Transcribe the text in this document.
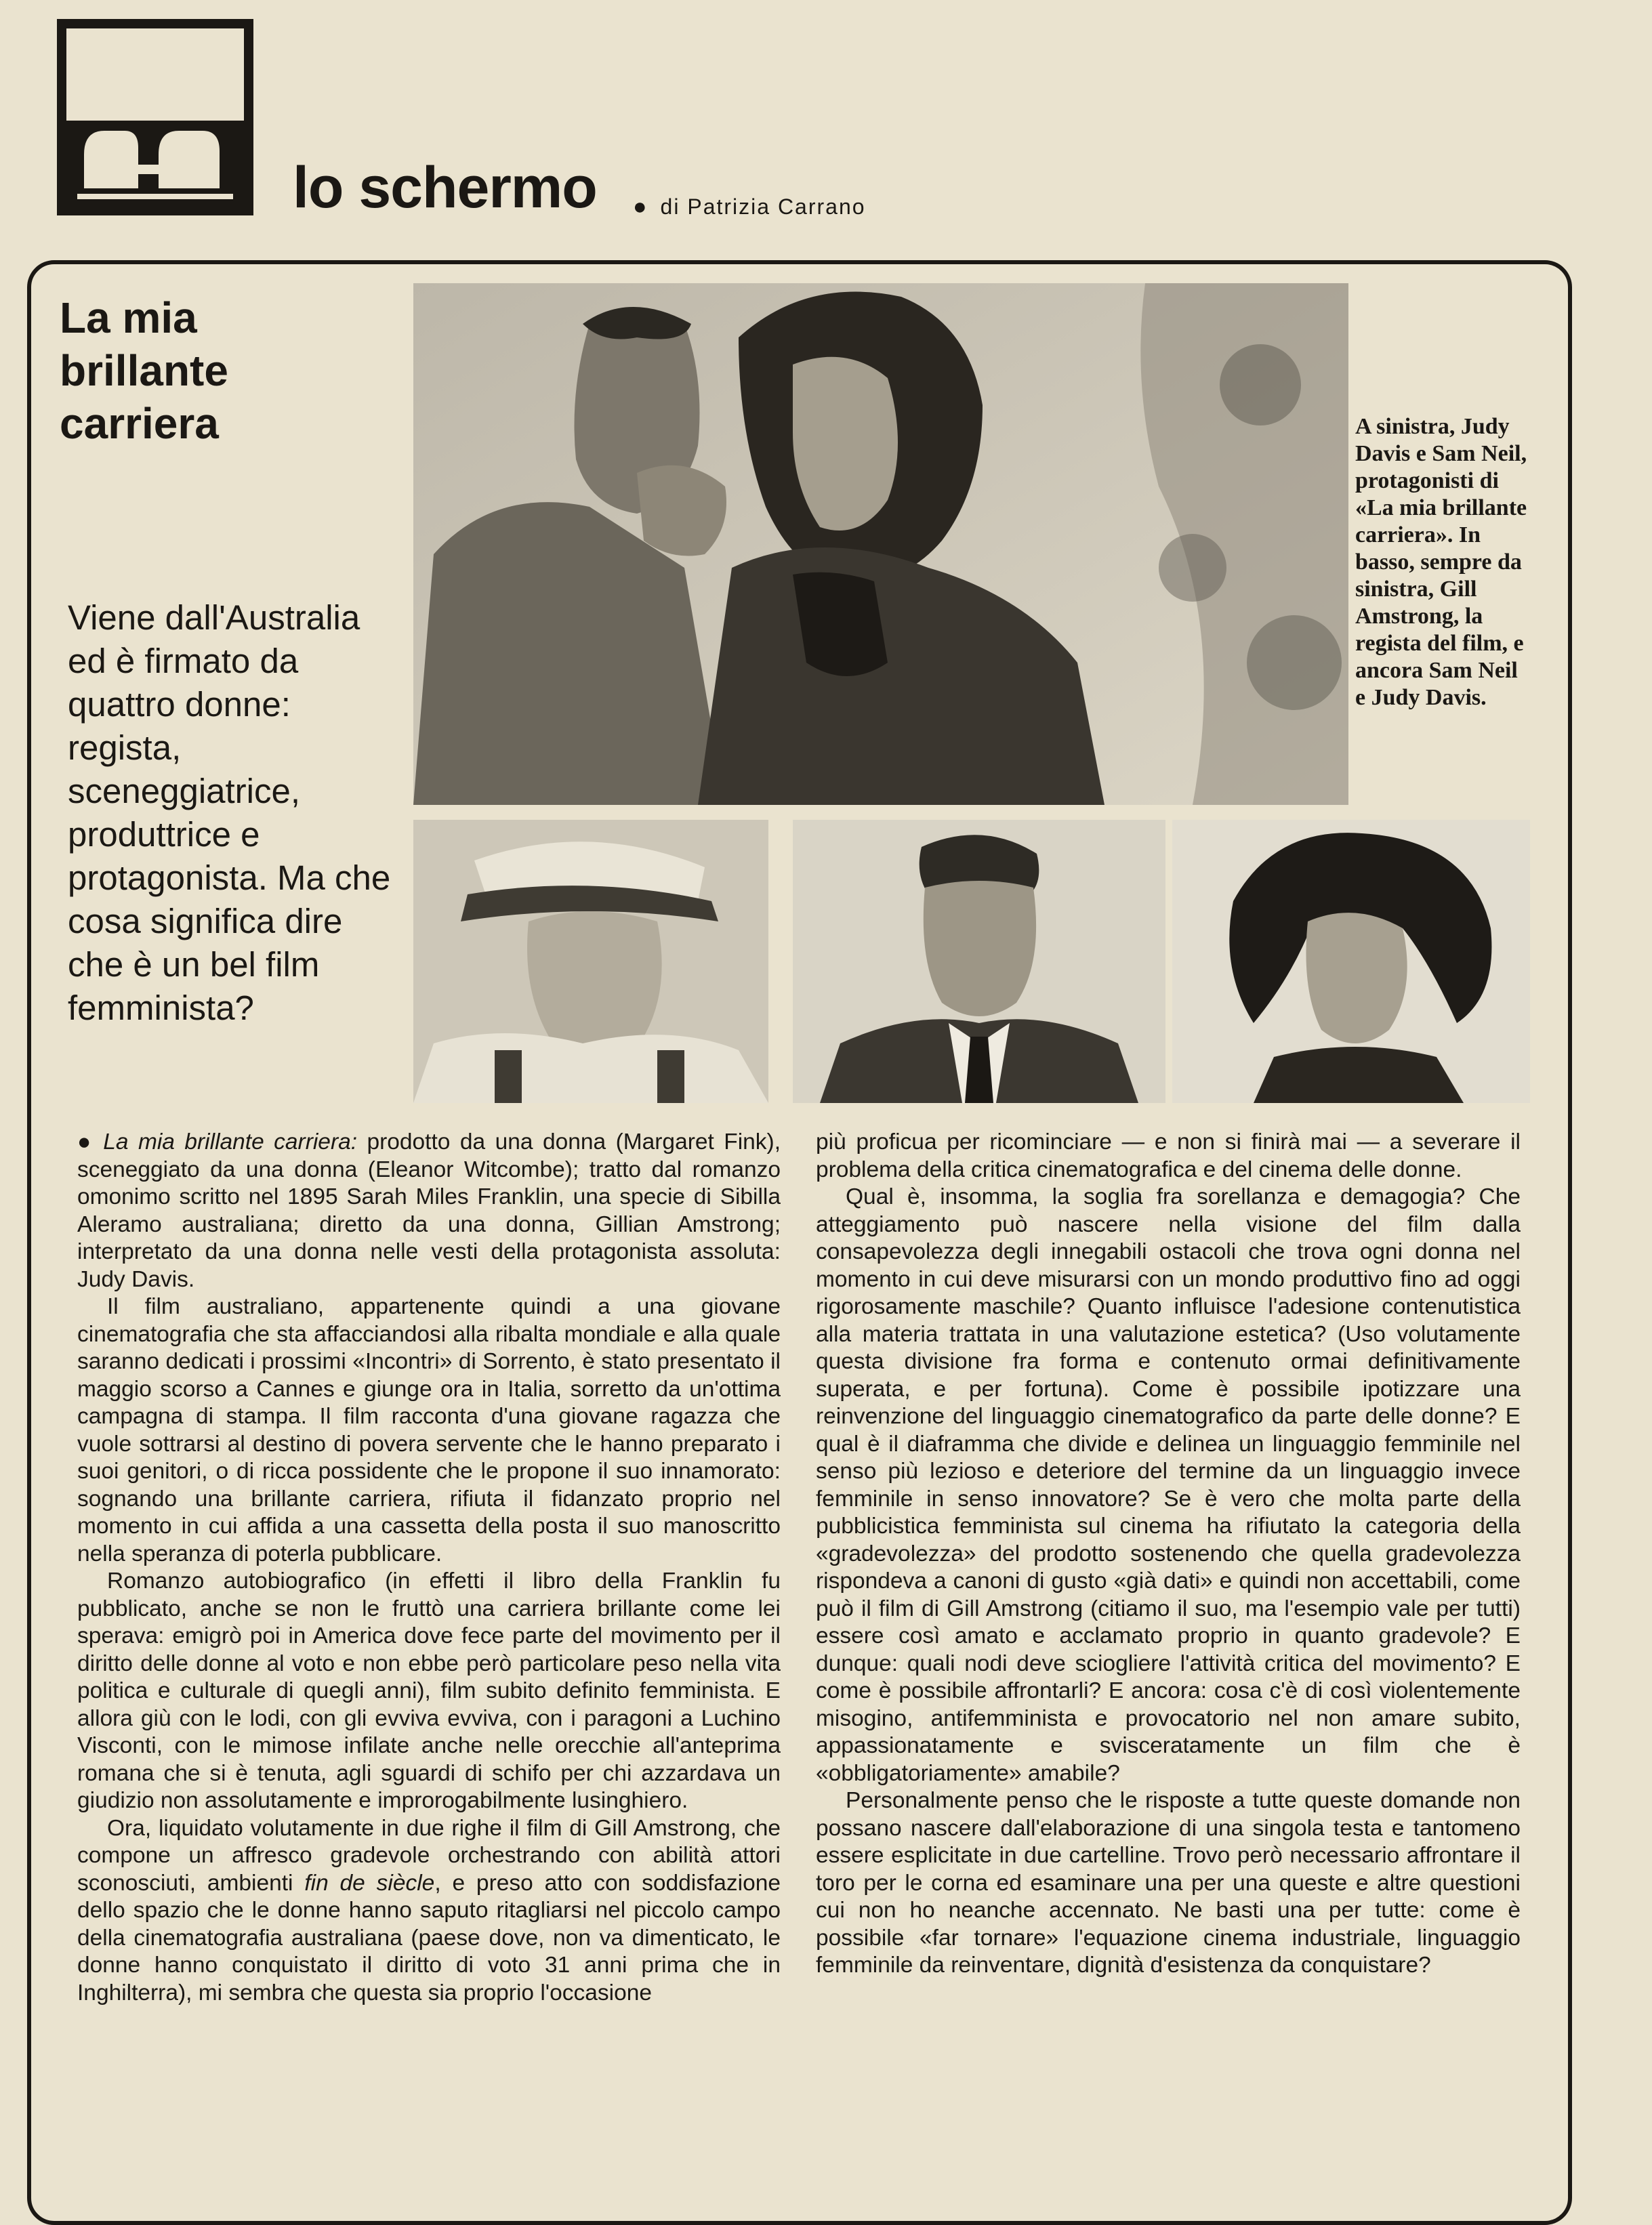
lo schermo ● di Patrizia Carrano
La mia
brillante
carriera
Viene dall'Australia ed è firmato da quattro donne: regista, sceneggiatrice, produttrice e protagonista. Ma che cosa significa dire che è un bel film femminista?
A sinistra, Judy Davis e Sam Neil, protagonisti di «La mia brillante carriera». In basso, sempre da sinistra, Gill Amstrong, la regista del film, e ancora Sam Neil e Judy Davis.

● La mia brillante carriera: prodotto da una donna (Margaret Fink), sceneggiato da una donna (Eleanor Witcombe); tratto dal romanzo omonimo scritto nel 1895 Sarah Miles Franklin, una specie di Sibilla Aleramo australiana; diretto da una donna, Gillian Amstrong; interpretato da una donna nelle vesti della protagonista assoluta: Judy Davis.

Il film australiano, appartenente quindi a una giovane cinematografia che sta affacciandosi alla ribalta mondiale e alla quale saranno dedicati i prossimi «Incontri» di Sorrento, è stato presentato il maggio scorso a Cannes e giunge ora in Italia, sorretto da un'ottima campagna di stampa. Il film racconta d'una giovane ragazza che vuole sottrarsi al destino di povera servente che le hanno preparato i suoi genitori, o di ricca possidente che le propone il suo innamorato: sognando una brillante carriera, rifiuta il fidanzato proprio nel momento in cui affida a una cassetta della posta il suo manoscritto nella speranza di poterla pubblicare.

Romanzo autobiografico (in effetti il libro della Franklin fu pubblicato, anche se non le fruttò una carriera brillante come lei sperava: emigrò poi in America dove fece parte del movimento per il diritto delle donne al voto e non ebbe però particolare peso nella vita politica e culturale di quegli anni), film subito definito femminista. E allora giù con le lodi, con gli evviva evviva, con i paragoni a Luchino Visconti, con le mimose infilate anche nelle orecchie all'anteprima romana che si è tenuta, agli sguardi di schifo per chi azzardava un giudizio non assolutamente e improrogabilmente lusinghiero.

Ora, liquidato volutamente in due righe il film di Gill Amstrong, che compone un affresco gradevole orchestrando con abilità attori sconosciuti, ambienti fin de siècle, e preso atto con soddisfazione dello spazio che le donne hanno saputo ritagliarsi nel piccolo campo della cinematografia australiana (paese dove, non va dimenticato, le donne hanno conquistato il diritto di voto 31 anni prima che in Inghilterra), mi sembra che questa sia proprio l'occasione

più proficua per ricominciare — e non si finirà mai — a severare il problema della critica cinematografica e del cinema delle donne.

Qual è, insomma, la soglia fra sorellanza e demagogia? Che atteggiamento può nascere nella visione del film dalla consapevolezza degli innegabili ostacoli che trova ogni donna nel momento in cui deve misurarsi con un mondo produttivo fino ad oggi rigorosamente maschile? Quanto influisce l'adesione contenutistica alla materia trattata in una valutazione estetica? (Uso volutamente questa divisione fra forma e contenuto ormai definitivamente superata, e per fortuna). Come è possibile ipotizzare una reinvenzione del linguaggio cinematografico da parte delle donne? E qual è il diaframma che divide e delinea un linguaggio femminile nel senso più lezioso e deteriore del termine da un linguaggio invece femminile in senso innovatore? Se è vero che molta parte della pubblicistica femminista sul cinema ha rifiutato la categoria della «gradevolezza» del prodotto sostenendo che quella gradevolezza rispondeva a canoni di gusto «già dati» e quindi non accettabili, come può il film di Gill Amstrong (citiamo il suo, ma l'esempio vale per tutti) essere così amato e acclamato proprio in quanto gradevole? E dunque: quali nodi deve sciogliere l'attività critica del movimento? E come è possibile affrontarli? E ancora: cosa c'è di così violentemente misogino, antifemminista e provocatorio nel non amare subito, appassionatamente e svisceratamente un film che è «obbligatoriamente» amabile?

Personalmente penso che le risposte a tutte queste domande non possano nascere dall'elaborazione di una singola testa e tantomeno essere esplicitate in due cartelline. Trovo però necessario affrontare il toro per le corna ed esaminare una per una queste e altre questioni cui non ho neanche accennato. Ne basti una per tutte: come è possibile «far tornare» l'equazione cinema industriale, linguaggio femminile da reinventare, dignità d'esistenza da conquistare?
